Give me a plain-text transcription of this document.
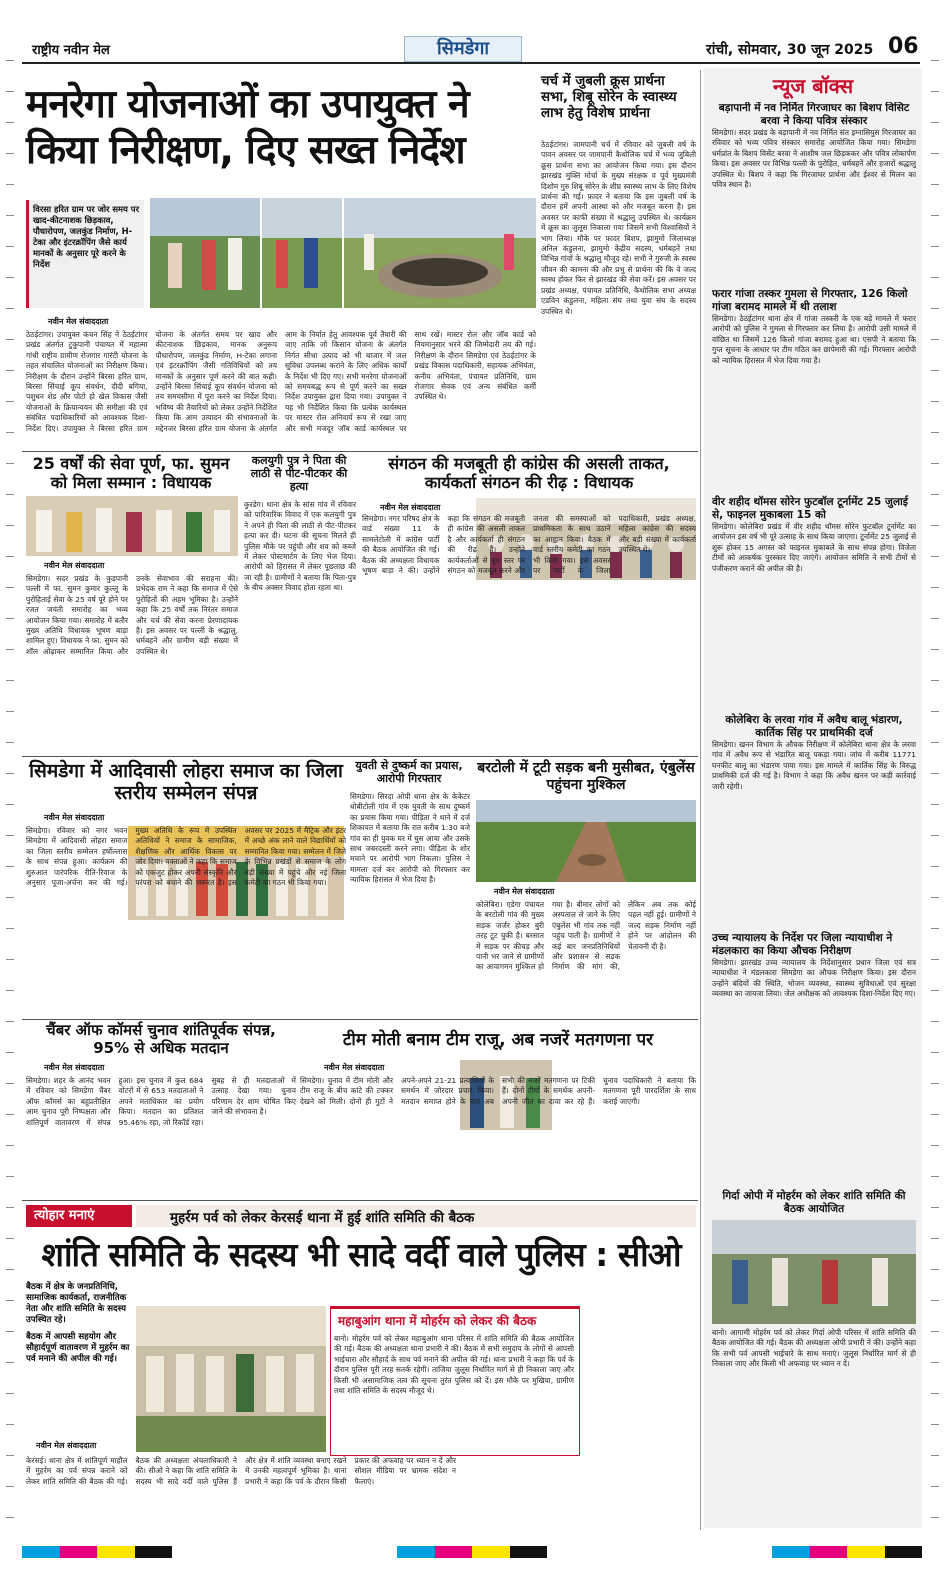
राष्ट्रीय नवीन मेल	सिमडेगा	रांची, सोमवार, 30 जून 2025 06
मनरेगा योजनाओं का उपायुक्त ने किया निरीक्षण, दिए सख्त निर्देश
विरसा हरित ग्राम पर जोर समय पर खाद-कीटनाशक छिड़काव, पौधारोपण, जलकुंड निर्माण, H-टेका और इंटरक्रॉपिंग जैसे कार्य मानकों के अनुसार पूरे करने के निर्देश
नवीन मेल संवाददाता
ठेठईटांगर। उपायुक्त कंचन सिंह ने ठेठईटांगर प्रखंड अंतर्गत टुकुपानी पंचायत में महात्मा गांधी राष्ट्रीय ग्रामीण रोजगार गारंटी योजना के तहत संचालित योजनाओं का निरीक्षण किया। निरीक्षण के दौरान उन्होंने बिरसा हरित ग्राम, बिरसा सिंचाई कूप संवर्धन, दीदी बगिया, पशुधन शेड और पोटो हो खेल विकास जैसी योजनाओं के क्रियान्वयन की समीक्षा की एवं संबंधित पदाधिकारियों को आवश्यक दिशा-निर्देश दिए। उपायुक्त ने बिरसा हरित ग्राम योजना के अंतर्गत समय पर खाद और कीटनाशक छिड़काव, मानक अनुरूप पौधारोपण, जलकुंड निर्माण, H-टेका लगाना एवं इंटरक्रॉपिंग जैसी गतिविधियों को तय मानकों के अनुसार पूर्ण करने की बात कही। उन्होंने बिरसा सिंचाई कूप संवर्धन योजना को तय समयसीमा में पूरा करने का निर्देश दिया। भविष्य की तैयारियों को लेकर उन्होंने निर्देशित किया कि आम उत्पादन की संभावनाओं के मद्देनजर बिरसा हरित ग्राम योजना के अंतर्गत आम के निर्यात हेतु आवश्यक पूर्व तैयारी की जाए ताकि जो किसान योजना के अंतर्गत निर्गत सीधा उत्पाद को भी बाजार में जल सुविधा उपलब्ध कराने के लिए अधिक कार्यों के निर्देश भी दिए गए। सभी मनरेगा योजनाओं को समयबद्ध रूप से पूर्ण करने का सख्त निर्देश उपायुक्त द्वारा दिया गया। उपायुक्त ने यह भी निर्देशित किया कि प्रत्येक कार्यस्थल पर मास्टर रोल अनिवार्य रूप से रखा जाए और सभी मजदूर जॉब कार्ड कार्यस्थल पर साथ रखें। मास्टर रोल और जॉब कार्ड को नियमानुसार भरने की जिम्मेदारी तय की गई। निरीक्षण के दौरान सिमडेगा एवं ठेठईटांगर के प्रखंड विकास पदाधिकारी, सहायक अभियंता, कनीय अभियंता, पंचायत प्रतिनिधि, ग्राम रोजगार सेवक एवं अन्य संबंधित कर्मी उपस्थित थे।
चर्च में जुबली क्रूस प्रार्थना सभा, शिबू सोरेन के स्वास्थ्य लाभ हेतु विशेष प्रार्थना
ठेठईटांगर। जामपानी चर्च में रविवार को जुबली वर्ष के पावन अवसर पर जामपानी कैथोलिक चर्च में भव्य जुबिली क्रूस प्रार्थना सभा का आयोजन किया गया। इस दौरान झारखंड मुक्ति मोर्चा के मुख्य संरक्षक व पूर्व मुख्यमंत्री दिशोम गुरु शिबू सोरेन के शीघ्र स्वास्थ्य लाभ के लिए विशेष प्रार्थना की गई। फ़ादर ने बताया कि इस जुबली वर्ष के दौरान हमें अपनी आस्था को और मजबूत करना है। इस अवसर पर काफी संख्या में श्रद्धालु उपस्थित थे। कार्यक्रम में क्रूस का जुलूस निकाला गया जिसमें सभी विश्वासियों ने भाग लिया। मौके पर फ़ादर बिशप, झामुमो जिलाध्यक्ष अनिल कंडुलना, झामुमो केंद्रीय सदस्य, धर्मबहनें तथा विभिन्न गांवों के श्रद्धालु मौजूद रहे। सभी ने गुरुजी के स्वस्थ जीवन की कामना की और प्रभु से प्रार्थना की कि वे जल्द स्वस्थ होकर फिर से झारखंड की सेवा करें। इस अवसर पर प्रखंड अध्यक्ष, पंचायत प्रतिनिधि, कैथोलिक सभा अध्यक्ष एडविन कंडुलना, महिला संघ तथा युवा संघ के सदस्य उपस्थित थे।
न्यूज बॉक्स
बड़ापानी में नव निर्मित गिरजाघर का बिशप विसिट बरवा ने किया पवित्र संस्कार
सिमडेगा। सदर प्रखंड के बड़ापानी में नव निर्मित संत इग्नासियुस गिरजाघर का रविवार को भव्य पवित्र संस्कार समारोह आयोजित किया गया। सिमडेगा धर्मप्रांत के बिशप विसेंट बरवा ने आशीष जल छिड़ककर और पवित्र लोकार्पण किया। इस अवसर पर विभिन्न पल्ली के पुरोहित, धर्मबहनें और हजारों श्रद्धालु उपस्थित थे। बिशप ने कहा कि गिरजाघर प्रार्थना और ईश्वर से मिलन का पवित्र स्थान है।
फरार गांजा तस्कर गुमला से गिरफ्तार, 126 किलो गांजा बरामद मामले में थी तलाश
सिमडेगा। ठेठईटांगर थाना क्षेत्र में गांजा तस्करी के एक बड़े मामले में फरार आरोपी को पुलिस ने गुमला से गिरफ्तार कर लिया है। आरोपी उसी मामले में वांछित था जिसमें 126 किलो गांजा बरामद हुआ था। एसपी ने बताया कि गुप्त सूचना के आधार पर टीम गठित कर छापेमारी की गई। गिरफ्तार आरोपी को न्यायिक हिरासत में भेज दिया गया है।
वीर शहीद थॉमस सोरेन फुटबॉल टूर्नामेंट 25 जुलाई से, फाइनल मुकाबला 15 को
सिमडेगा। कोलेबिरा प्रखंड में वीर शहीद थॉमस सोरेन फुटबॉल टूर्नामेंट का आयोजन इस वर्ष भी पूरे उत्साह के साथ किया जाएगा। टूर्नामेंट 25 जुलाई से शुरू होकर 15 अगस्त को फाइनल मुकाबले के साथ संपन्न होगा। विजेता टीमों को आकर्षक पुरस्कार दिए जाएंगे। आयोजन समिति ने सभी टीमों से पंजीकरण कराने की अपील की है।
कोलेबिरा के लरवा गांव में अवैध बालू भंडारण, कार्तिक सिंह पर प्राथमिकी दर्ज
सिमडेगा। खनन विभाग के औचक निरीक्षण में कोलेबिरा थाना क्षेत्र के लरवा गांव में अवैध रूप से भंडारित बालू पकड़ा गया। जांच में करीब 11771 घनफीट बालू का भंडारण पाया गया। इस मामले में कार्तिक सिंह के विरुद्ध प्राथमिकी दर्ज की गई है। विभाग ने कहा कि अवैध खनन पर कड़ी कार्रवाई जारी रहेगी।
उच्च न्यायालय के निर्देश पर जिला न्यायाधीश ने मंडलकारा का किया औचक निरीक्षण
सिमडेगा। झारखंड उच्च न्यायालय के निर्देशानुसार प्रधान जिला एवं सत्र न्यायाधीश ने मंडलकारा सिमडेगा का औचक निरीक्षण किया। इस दौरान उन्होंने बंदियों की स्थिति, भोजन व्यवस्था, स्वास्थ्य सुविधाओं एवं सुरक्षा व्यवस्था का जायजा लिया। जेल अधीक्षक को आवश्यक दिशा-निर्देश दिए गए।
गिर्दा ओपी में मोहर्रम को लेकर शांति समिति की बैठक आयोजित
बानो। आगामी मोहर्रम पर्व को लेकर गिर्दा ओपी परिसर में शांति समिति की बैठक आयोजित की गई। बैठक की अध्यक्षता ओपी प्रभारी ने की। उन्होंने कहा कि सभी पर्व आपसी भाईचारे के साथ मनाएं। जुलूस निर्धारित मार्ग से ही निकाला जाए और किसी भी अफवाह पर ध्यान न दें।
25 वर्षों की सेवा पूर्ण, फा. सुमन को मिला सम्मान : विधायक
नवीन मेल संवाददाता
सिमडेगा। सदर प्रखंड के कुड़पानी पल्ली में फा. सुमन कुमार कुल्लू के पुरोहिताई सेवा के 25 वर्ष पूरे होने पर रजत जयंती समारोह का भव्य आयोजन किया गया। समारोह में बतौर मुख्य अतिथि विधायक भूषण बाड़ा शामिल हुए। विधायक ने फा. सुमन को शॉल ओढ़ाकर सम्मानित किया और उनके सेवाभाव की सराहना की। प्रभेदक राम ने कहा कि समाज में ऐसे पुरोहितों की अहम भूमिका है। उन्होंने कहा कि 25 वर्षों तक निरंतर समाज और चर्च की सेवा करना प्रेरणादायक है। इस अवसर पर पल्ली के श्रद्धालु, धर्मबहनें और ग्रामीण बड़ी संख्या में उपस्थित थे।
कलयुगी पुत्र ने पिता की लाठी से पीट-पीटकर की हत्या
कुरडेग। थाना क्षेत्र के सांस गांव में रविवार को पारिवारिक विवाद में एक कलयुगी पुत्र ने अपने ही पिता की लाठी से पीट-पीटकर हत्या कर दी। घटना की सूचना मिलते ही पुलिस मौके पर पहुंची और शव को कब्जे में लेकर पोस्टमार्टम के लिए भेज दिया। आरोपी को हिरासत में लेकर पूछताछ की जा रही है। ग्रामीणों ने बताया कि पिता-पुत्र के बीच अक्सर विवाद होता रहता था।
संगठन की मजबूती ही कांग्रेस की असली ताकत, कार्यकर्ता संगठन की रीढ़ : विधायक
नवीन मेल संवाददाता
सिमडेगा। नगर परिषद क्षेत्र के वार्ड संख्या 11 के सामलेटोली में कांग्रेस पार्टी की बैठक आयोजित की गई। बैठक की अध्यक्षता विधायक भूषण बाड़ा ने की। उन्होंने कहा कि संगठन की मजबूती ही कांग्रेस की असली ताकत है और कार्यकर्ता ही संगठन की रीढ़ हैं। उन्होंने कार्यकर्ताओं से बूथ स्तर पर संगठन को मजबूत करने और जनता की समस्याओं को प्राथमिकता के साथ उठाने का आह्वान किया। बैठक में वार्ड स्तरीय कमेटी का गठन भी किया गया। इस अवसर पर पार्टी के जिला पदाधिकारी, प्रखंड अध्यक्ष, महिला कांग्रेस की सदस्य और बड़ी संख्या में कार्यकर्ता उपस्थित थे।
सिमडेगा में आदिवासी लोहरा समाज का जिला स्तरीय सम्मेलन संपन्न
नवीन मेल संवाददाता
सिमडेगा। रविवार को नगर भवन सिमडेगा में आदिवासी लोहरा समाज का जिला स्तरीय सम्मेलन हर्षोल्लास के साथ संपन्न हुआ। कार्यक्रम की शुरुआत पारंपरिक रीति-रिवाज के अनुसार पूजा-अर्चना कर की गई। मुख्य अतिथि के रूप में उपस्थित अतिथियों ने समाज के सामाजिक, शैक्षणिक और आर्थिक विकास पर जोर दिया। वक्ताओं ने कहा कि समाज को एकजुट होकर अपनी संस्कृति और परंपरा को बचाने की जरूरत है। इस अवसर पर 2025 में मैट्रिक और इंटर में अच्छे अंक लाने वाले विद्यार्थियों को सम्मानित किया गया। सम्मेलन में जिले के विभिन्न प्रखंडों से समाज के लोग बड़ी संख्या में पहुंचे और नई जिला कमेटी का गठन भी किया गया।
युवती से दुष्कर्म का प्रयास, आरोपी गिरफ्तार
सिमडेगा। सिरदा ओपी थाना क्षेत्र के केकेटर धोबीटोली गांव में एक युवती के साथ दुष्कर्म का प्रयास किया गया। पीड़िता ने थाने में दर्ज शिकायत में बताया कि रात करीब 1:30 बजे गांव का ही युवक घर में घुस आया और उसके साथ जबरदस्ती करने लगा। पीड़िता के शोर मचाने पर आरोपी भाग निकला। पुलिस ने मामला दर्ज कर आरोपी को गिरफ्तार कर न्यायिक हिरासत में भेज दिया है।
बरटोली में टूटी सड़क बनी मुसीबत, एंबुलेंस पहुंचना मुश्किल
नवीन मेल संवाददाता
कोलेबिरा। एडेगा पंचायत के बरटोली गांव की मुख्य सड़क जर्जर होकर बुरी तरह टूट चुकी है। बरसात में सड़क पर कीचड़ और पानी भर जाने से ग्रामीणों का आवागमन मुश्किल हो गया है। बीमार लोगों को अस्पताल ले जाने के लिए एंबुलेंस भी गांव तक नहीं पहुंच पाती है। ग्रामीणों ने कई बार जनप्रतिनिधियों और प्रशासन से सड़क निर्माण की मांग की, लेकिन अब तक कोई पहल नहीं हुई। ग्रामीणों ने जल्द सड़क निर्माण नहीं होने पर आंदोलन की चेतावनी दी है।
चैंबर ऑफ कॉमर्स चुनाव शांतिपूर्वक संपन्न, 95% से अधिक मतदान
नवीन मेल संवाददाता
सिमडेगा। शहर के आनंद भवन में रविवार को सिमडेगा चैंबर ऑफ कॉमर्स का बहुप्रतीक्षित आम चुनाव पूरी निष्पक्षता और शांतिपूर्ण वातावरण में संपन्न हुआ। इस चुनाव में कुल 684 वोटरों में से 653 मतदाताओं ने अपने मताधिकार का प्रयोग किया। मतदान का प्रतिशत 95.46% रहा, जो रिकॉर्ड रहा। सुबह से ही मतदाताओं में उत्साह देखा गया। चुनाव परिणाम देर शाम घोषित किए जाने की संभावना है।
टीम मोती बनाम टीम राजू, अब नजरें मतगणना पर
नवीन मेल संवाददाता
सिमडेगा। चुनाव में टीम मोती और टीम राजू के बीच कांटे की टक्कर देखने को मिली। दोनों ही गुटों ने अपने-अपने 21-21 प्रत्याशियों के समर्थन में जोरदार प्रचार किया। मतदान समाप्त होने के बाद अब सभी की नजरें मतगणना पर टिकी हैं। दोनों टीमों के समर्थक अपनी-अपनी जीत का दावा कर रहे हैं। चुनाव पदाधिकारी ने बताया कि मतगणना पूरी पारदर्शिता के साथ कराई जाएगी।
त्योहार मनाएं	मुहर्रम पर्व को लेकर केरसई थाना में हुई शांति समिति की बैठक
शांति समिति के सदस्य भी सादे वर्दी वाले पुलिस : सीओ
बैठक में क्षेत्र के जनप्रतिनिधि, सामाजिक कार्यकर्ता, राजनीतिक नेता और शांति समिति के सदस्य उपस्थित रहे।
बैठक में आपसी सहयोग और सौहार्दपूर्ण वातावरण में मुहर्रम का पर्व मनाने की अपील की गई।
नवीन मेल संवाददाता
केरसई। थाना क्षेत्र में शांतिपूर्ण माहौल में मुहर्रम का पर्व संपन्न कराने को लेकर शांति समिति की बैठक की गई। बैठक की अध्यक्षता अंचलाधिकारी ने की। सीओ ने कहा कि शांति समिति के सदस्य भी सादे वर्दी वाले पुलिस हैं और क्षेत्र में शांति व्यवस्था बनाए रखने में उनकी महत्वपूर्ण भूमिका है। थाना प्रभारी ने कहा कि पर्व के दौरान किसी प्रकार की अफवाह पर ध्यान न दें और सोशल मीडिया पर भ्रामक संदेश न फैलाएं।
महाबुआंग थाना में मोहर्रम को लेकर की बैठक
बानो। मोहर्रम पर्व को लेकर महाबुआंग थाना परिसर में शांति समिति की बैठक आयोजित की गई। बैठक की अध्यक्षता थाना प्रभारी ने की। बैठक में सभी समुदाय के लोगों से आपसी भाईचारा और सौहार्द के साथ पर्व मनाने की अपील की गई। थाना प्रभारी ने कहा कि पर्व के दौरान पुलिस पूरी तरह सतर्क रहेगी। ताजिया जुलूस निर्धारित मार्ग से ही निकाला जाए और किसी भी असामाजिक तत्व की सूचना तुरंत पुलिस को दें। इस मौके पर मुखिया, ग्रामीण तथा शांति समिति के सदस्य मौजूद थे।
